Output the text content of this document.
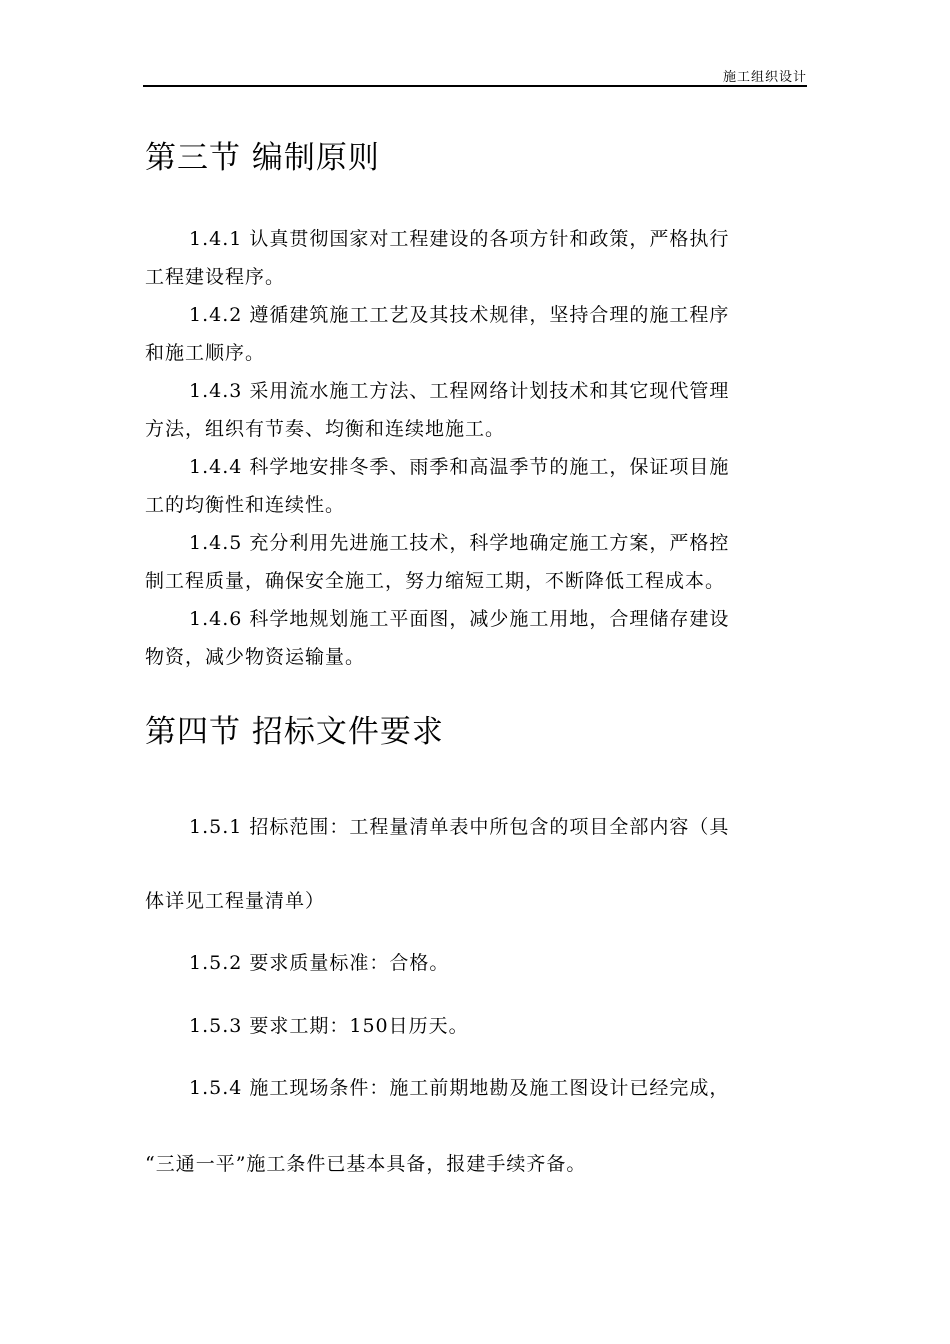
施工组织设计
第三节 编制原则
1.4.1 认真贯彻国家对工程建设的各项方针和政策，严格执行
工程建设程序。
1.4.2 遵循建筑施工工艺及其技术规律，坚持合理的施工程序
和施工顺序。
1.4.3 采用流水施工方法、工程网络计划技术和其它现代管理
方法，组织有节奏、均衡和连续地施工。
1.4.4 科学地安排冬季、雨季和高温季节的施工，保证项目施
工的均衡性和连续性。
1.4.5 充分利用先进施工技术，科学地确定施工方案，严格控
制工程质量，确保安全施工，努力缩短工期，不断降低工程成本。
1.4.6 科学地规划施工平面图，减少施工用地，合理储存建设
物资，减少物资运输量。
第四节 招标文件要求
1.5.1 招标范围：工程量清单表中所包含的项目全部内容（具
体详见工程量清单）
1.5.2 要求质量标准：合格。
1.5.3 要求工期：150日历天。
1.5.4 施工现场条件：施工前期地勘及施工图设计已经完成，
“三通一平”施工条件已基本具备，报建手续齐备。
